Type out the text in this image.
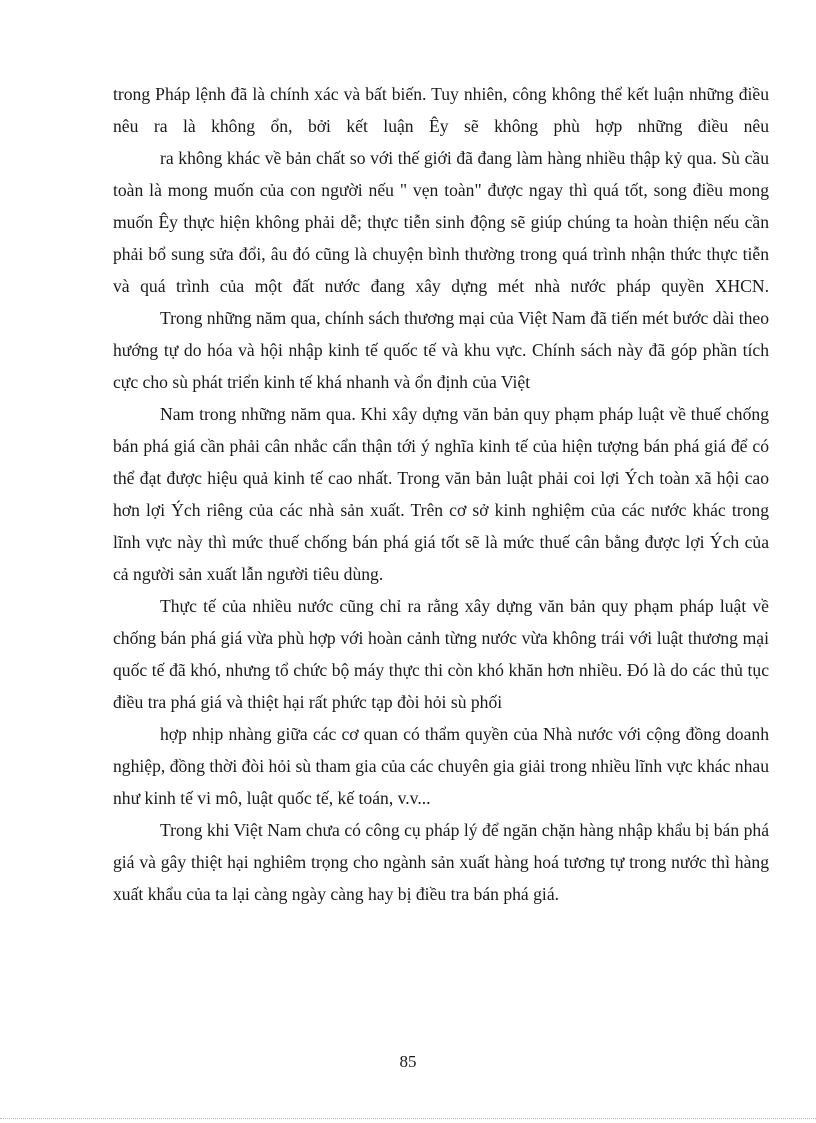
trong Pháp lệnh đã là chính xác và bất biến. Tuy nhiên, công không thể kết luận những điều nêu ra là không ổn, bởi kết luận Êy sẽ không phù hợp những điều nêu

ra không khác về bản chất so với thế giới đã đang làm hàng nhiều thập kỷ qua. Sù cầu toàn là mong muốn của con người nếu " vẹn toàn" được ngay thì quá tốt, song điều mong muốn Êy thực hiện không phải dễ; thực tiễn sinh động sẽ giúp chúng ta hoàn thiện nếu cần phải bổ sung sửa đổi, âu đó cũng là chuyện bình thường trong quá trình nhận thức thực tiễn và quá trình của một đất nước đang xây dựng mét nhà nước pháp quyền XHCN.

Trong những năm qua, chính sách thương mại của Việt Nam đã tiến mét bước dài theo hướng tự do hóa và hội nhập kinh tế quốc tế và khu vực. Chính sách này đã góp phần tích cực cho sù phát triển kinh tế khá nhanh và ổn định của Việt

Nam trong những năm qua. Khi xây dựng văn bản quy phạm pháp luật về thuế chống bán phá giá cần phải cân nhắc cẩn thận tới ý nghĩa kinh tế của hiện tượng bán phá giá để có thể đạt được hiệu quả kinh tế cao nhất. Trong văn bản luật phải coi lợi Ých toàn xã hội cao hơn lợi Ých riêng của các nhà sản xuất. Trên cơ sở kinh nghiệm của các nước khác trong lĩnh vực này thì mức thuế chống bán phá giá tốt sẽ là mức thuế cân bằng được lợi Ých của cả người sản xuất lẫn người tiêu dùng.

Thực tế của nhiều nước cũng chỉ ra rằng xây dựng văn bản quy phạm pháp luật về chống bán phá giá vừa phù hợp với hoàn cảnh từng nước vừa không trái với luật thương mại quốc tế đã khó, nhưng tổ chức bộ máy thực thi còn khó khăn hơn nhiều. Đó là do các thủ tục điều tra phá giá và thiệt hại rất phức tạp đòi hỏi sù phối

hợp nhịp nhàng giữa các cơ quan có thẩm quyền của Nhà nước với cộng đồng doanh nghiệp, đồng thời đòi hỏi sù tham gia của các chuyên gia giải trong nhiều lĩnh vực khác nhau như kinh tế vi mô, luật quốc tế, kế toán, v.v...

Trong khi Việt Nam chưa có công cụ pháp lý để ngăn chặn hàng nhập khẩu bị bán phá giá và gây thiệt hại nghiêm trọng cho ngành sản xuất hàng hoá tương tự trong nước thì hàng xuất khẩu của ta lại càng ngày càng hay bị điều tra bán phá giá.

85
